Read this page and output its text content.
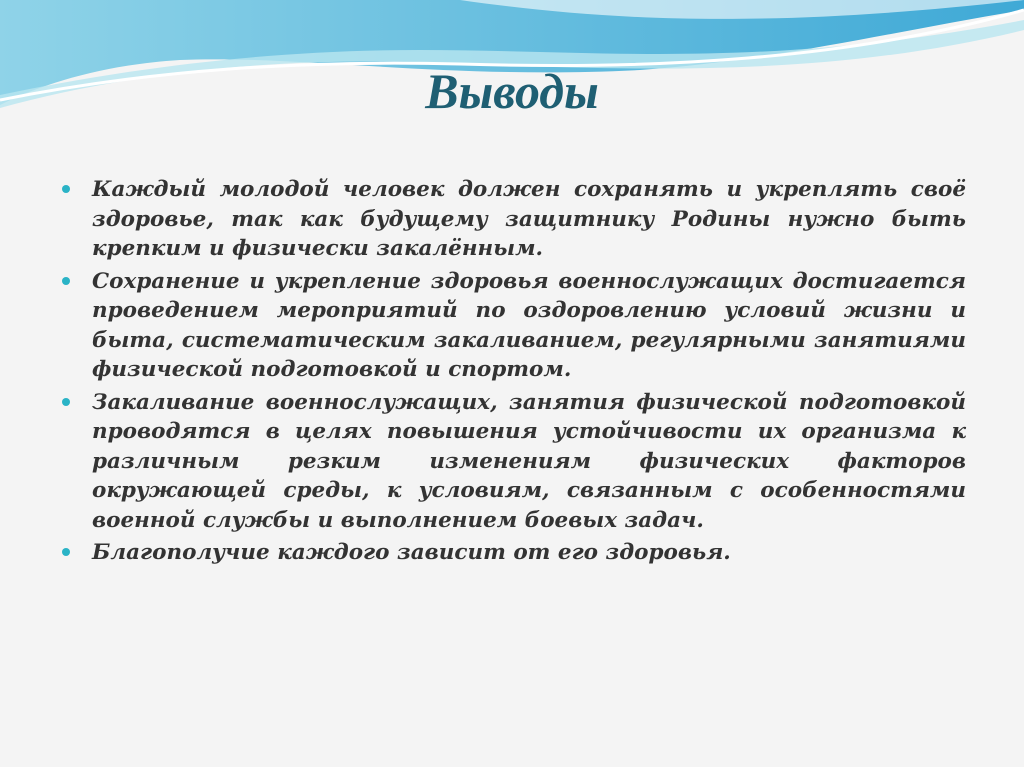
Выводы
Каждый молодой человек должен сохранять и укреплять своё здоровье, так как будущему защитнику Родины нужно быть крепким и физически закалённым.
Сохранение и укрепление здоровья военнослужащих достигается проведением мероприятий по оздоровлению условий жизни и быта, систематическим закаливанием, регулярными занятиями физической подготовкой и спортом.
Закаливание военнослужащих, занятия физической подготовкой проводятся в целях повышения устойчивости их организма к различным резким изменениям физических факторов окружающей среды, к условиям, связанным с особенностями военной службы и выполнением боевых задач.
Благополучие каждого зависит от его здоровья.
